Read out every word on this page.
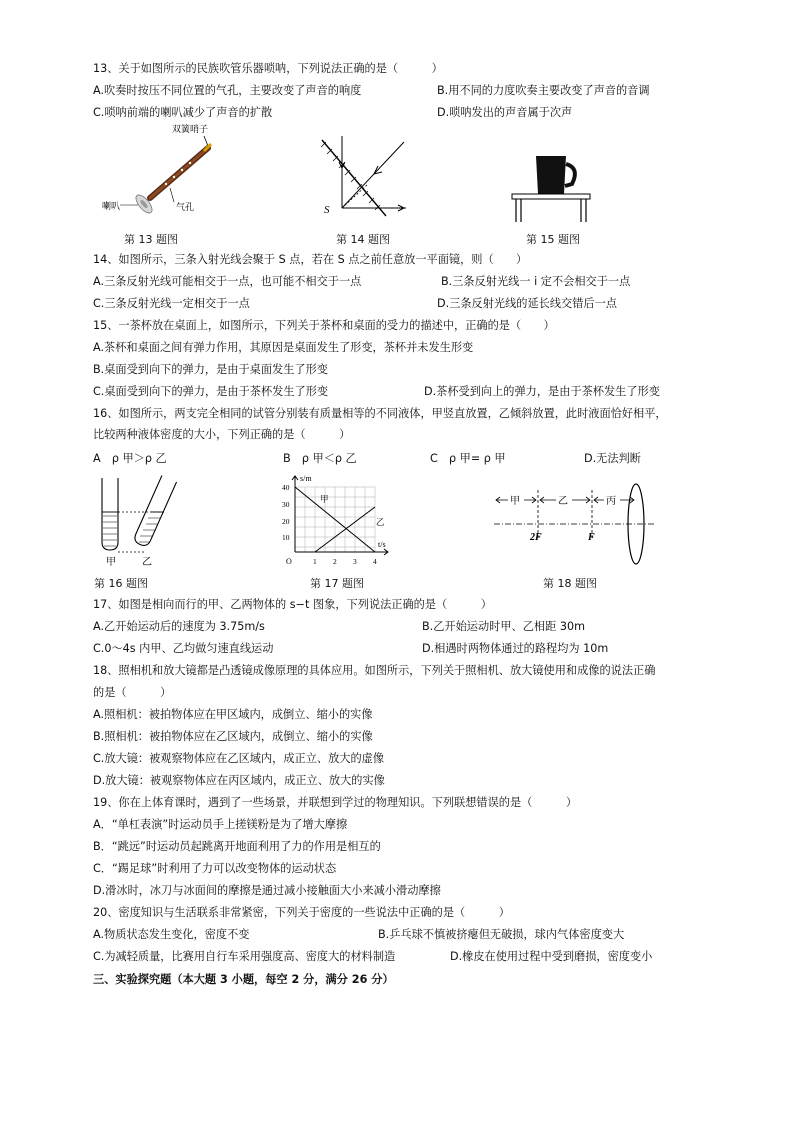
13、关于如图所示的民族吹管乐器唢呐，下列说法正确的是（　　　）
A.吹奏时按压不同位置的气孔，主要改变了声音的响度	B.用不同的力度吹奏主要改变了声音的音调
C.唢呐前端的喇叭减少了声音的扩散	D.唢呐发出的声音属于次声
双簧哨子
喇叭	气孔
第 13 题图
S
第 14 题图	第 15 题图
14、如图所示，三条入射光线会聚于 S 点，若在 S 点之前任意放一平面镜，则（　　）
A.三条反射光线可能相交于一点，也可能不相交于一点	B.三条反射光线一 i 定不会相交于一点
C.三条反射光线一定相交于一点	D.三条反射光线的延长线交错后一点
15、一茶杯放在桌面上，如图所示，下列关于茶杯和桌面的受力的描述中，正确的是（　　）
A.茶杯和桌面之间有弹力作用，其原因是桌面发生了形变，茶杯并未发生形变
B.桌面受到向下的弹力，是由于桌面发生了形变
C.桌面受到向下的弹力，是由于茶杯发生了形变	D.茶杯受到向上的弹力，是由于茶杯发生了形变
16、如图所示，两支完全相同的试管分别装有质量相等的不同液体，甲竖直放置，乙倾斜放置，此时液面恰好相平，
比较两种液体密度的大小，下列正确的是（　　　）
A　ρ 甲＞ρ 乙	B　ρ 甲＜ρ 乙	C　ρ 甲= ρ 甲	D.无法判断
甲	乙
第 16 题图
s/m
t/s
O
40
30
20
10
1 2 3 4
甲
乙
第 17 题图
甲	乙	丙
2F	F
第 18 题图
17、如图是相向而行的甲、乙两物体的 s−t 图象，下列说法正确的是（　　　）
A.乙开始运动后的速度为 3.75m/s	B.乙开始运动时甲、乙相距 30m
C.0～4s 内甲、乙均做匀速直线运动	D.相遇时两物体通过的路程均为 10m
18、照相机和放大镜都是凸透镜成像原理的具体应用。如图所示，下列关于照相机、放大镜使用和成像的说法正确
的是（　　　）
A.照相机：被拍物体应在甲区域内，成倒立、缩小的实像
B.照相机：被拍物体应在乙区域内，成倒立、缩小的实像
C.放大镜：被观察物体应在乙区域内，成正立、放大的虚像
D.放大镜：被观察物体应在丙区域内，成正立、放大的实像
19、你在上体育课时，遇到了一些场景，并联想到学过的物理知识。下列联想错误的是（　　　）
A．“单杠表演”时运动员手上搓镁粉是为了增大摩擦
B．“跳远”时运动员起跳离开地面利用了力的作用是相互的
C．“踢足球”时利用了力可以改变物体的运动状态
D.滑冰时，冰刀与冰面间的摩擦是通过减小接触面大小来减小滑动摩擦
20、密度知识与生活联系非常紧密，下列关于密度的一些说法中正确的是（　　　）
A.物质状态发生变化，密度不变	B.乒乓球不慎被挤瘪但无破损，球内气体密度变大
C.为减轻质量，比赛用自行车采用强度高、密度大的材料制造	D.橡皮在使用过程中受到磨损，密度变小
三、实验探究题（本大题 3 小题，每空 2 分，满分 26 分）
